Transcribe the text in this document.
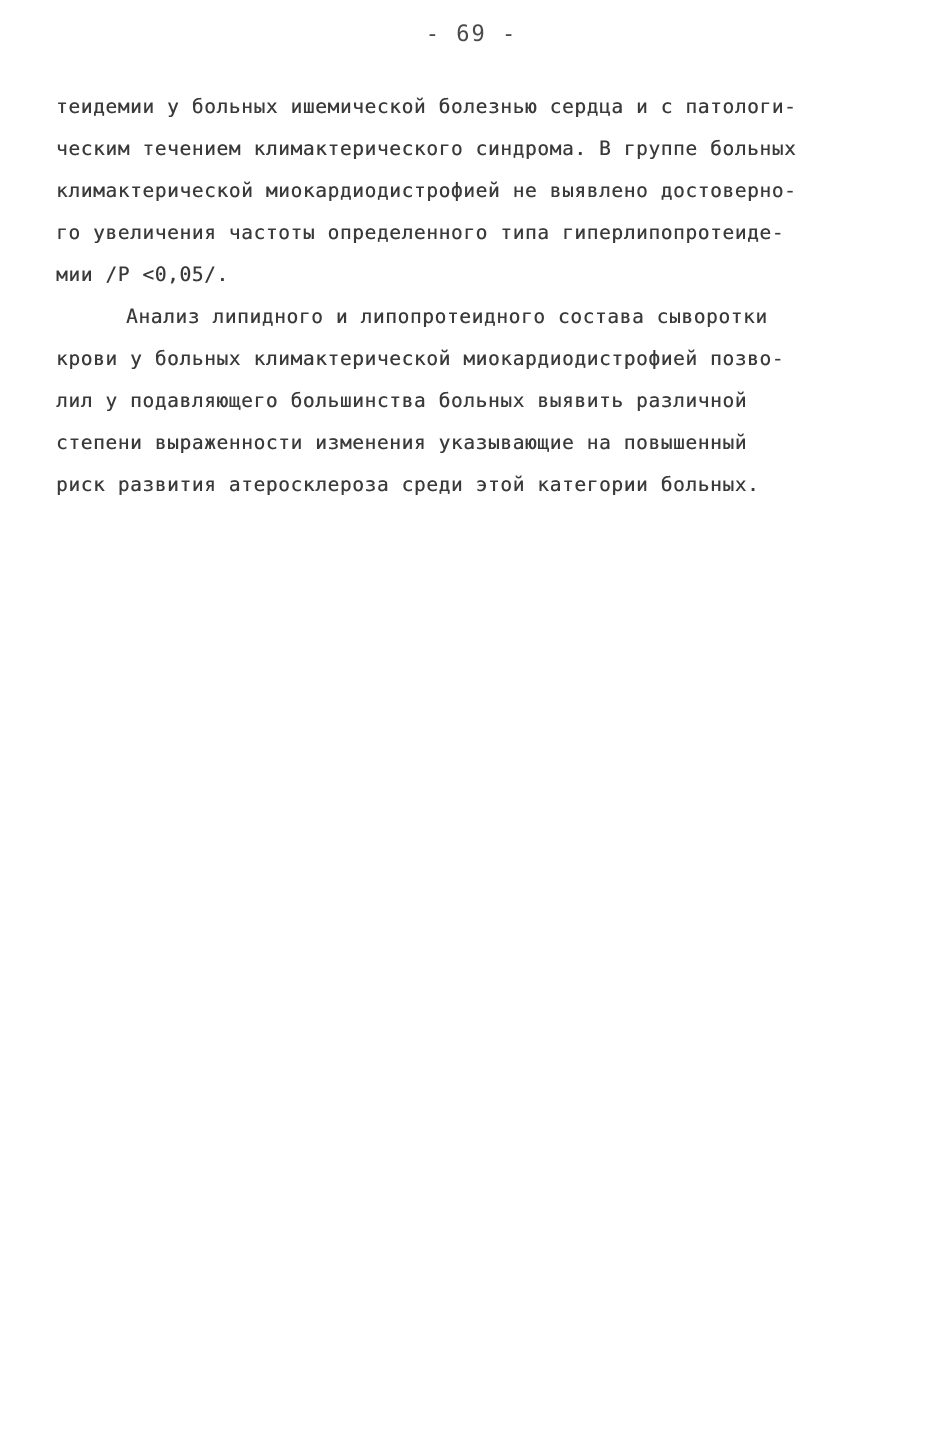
- 69 -
теидемии у больных ишемической болезнью сердца и с патологи-
ческим течением климактерического синдрома. В группе больных
климактерической миокардиодистрофией не выявлено достоверно-
го увеличения частоты определенного типа гиперлипопротеиде-
мии /Р <0,05/.
Анализ липидного и липопротеидного состава сыворотки
крови у больных климактерической миокардиодистрофией позво-
лил у подавляющего большинства больных выявить различной
степени выраженности изменения указывающие на повышенный
риск развития атеросклероза среди этой категории больных.
